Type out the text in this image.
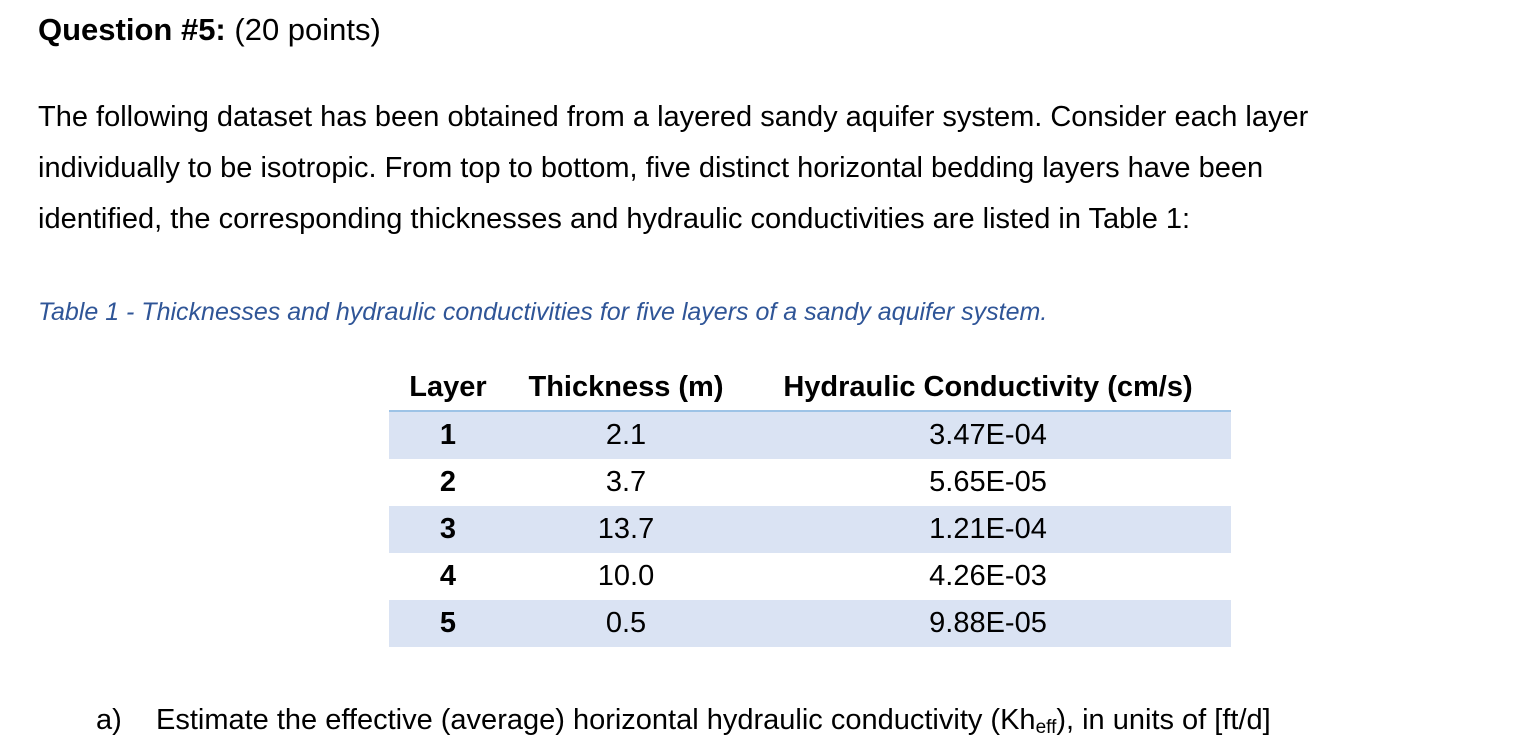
Question #5: (20 points)
The following dataset has been obtained from a layered sandy aquifer system. Consider each layer
individually to be isotropic. From top to bottom, five distinct horizontal bedding layers have been
identified, the corresponding thicknesses and hydraulic conductivities are listed in Table 1:
Table 1 - Thicknesses and hydraulic conductivities for five layers of a sandy aquifer system.
Layer	Thickness (m)	Hydraulic Conductivity (cm/s)
1	2.1	3.47E-04
2	3.7	5.65E-05
3	13.7	1.21E-04
4	10.0	4.26E-03
5	0.5	9.88E-05
a) Estimate the effective (average) horizontal hydraulic conductivity $(Kh_{eff})$, in units of [ft/d]
